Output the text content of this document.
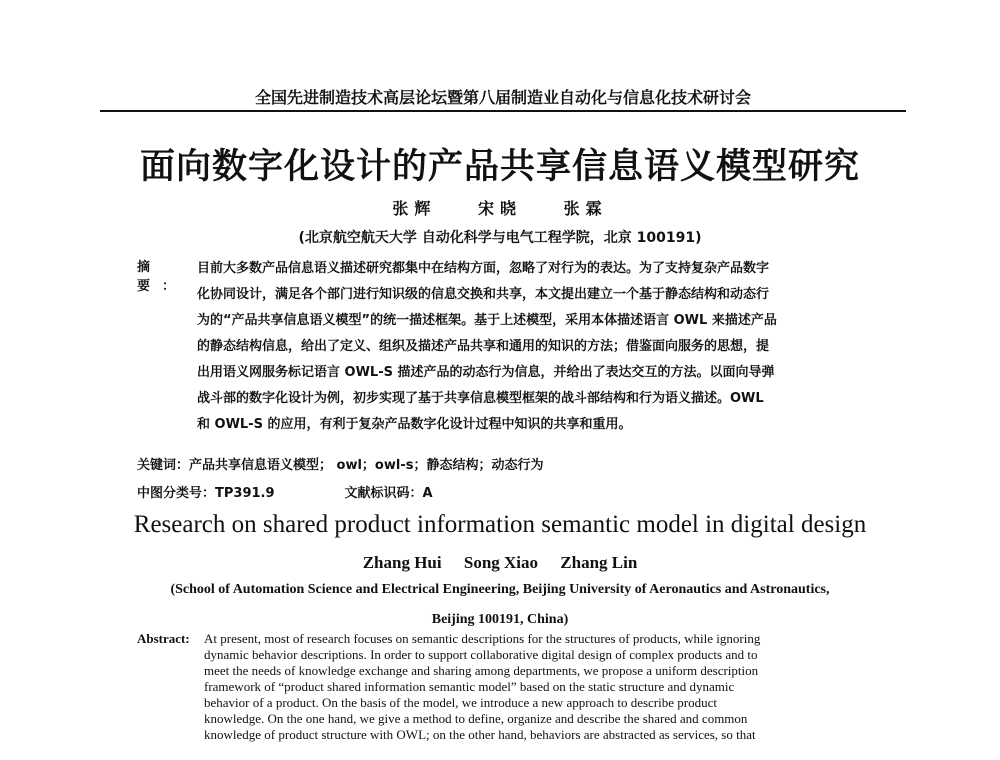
全国先进制造技术高层论坛暨第八届制造业自动化与信息化技术研讨会
面向数字化设计的产品共享信息语义模型研究
张辉	宋晓	张霖
(北京航空航天大学 自动化科学与电气工程学院，北京 100191)
摘要：
目前大多数产品信息语义描述研究都集中在结构方面，忽略了对行为的表达。为了支持复杂产品数字
化协同设计，满足各个部门进行知识级的信息交换和共享，本文提出建立一个基于静态结构和动态行
为的“产品共享信息语义模型”的统一描述框架。基于上述模型，采用本体描述语言 OWL 来描述产品
的静态结构信息，给出了定义、组织及描述产品共享和通用的知识的方法；借鉴面向服务的思想，提
出用语义网服务标记语言 OWL-S 描述产品的动态行为信息，并给出了表达交互的方法。以面向导弹
战斗部的数字化设计为例，初步实现了基于共享信息模型框架的战斗部结构和行为语义描述。OWL
和 OWL-S 的应用，有利于复杂产品数字化设计过程中知识的共享和重用。
关键词：产品共享信息语义模型； owl；owl-s；静态结构；动态行为
中图分类号：TP391.9	文献标识码：A
Research on shared product information semantic model in digital design
Zhang Hui Song Xiao Zhang Lin
(School of Automation Science and Electrical Engineering, Beijing University of Aeronautics and Astronautics,
Beijing 100191, China)
Abstract: At present, most of research focuses on semantic descriptions for the structures of products, while ignoring
dynamic behavior descriptions. In order to support collaborative digital design of complex products and to
meet the needs of knowledge exchange and sharing among departments, we propose a uniform description
framework of “product shared information semantic model” based on the static structure and dynamic
behavior of a product. On the basis of the model, we introduce a new approach to describe product
knowledge. On the one hand, we give a method to define, organize and describe the shared and common
knowledge of product structure with OWL; on the other hand, behaviors are abstracted as services, so that
